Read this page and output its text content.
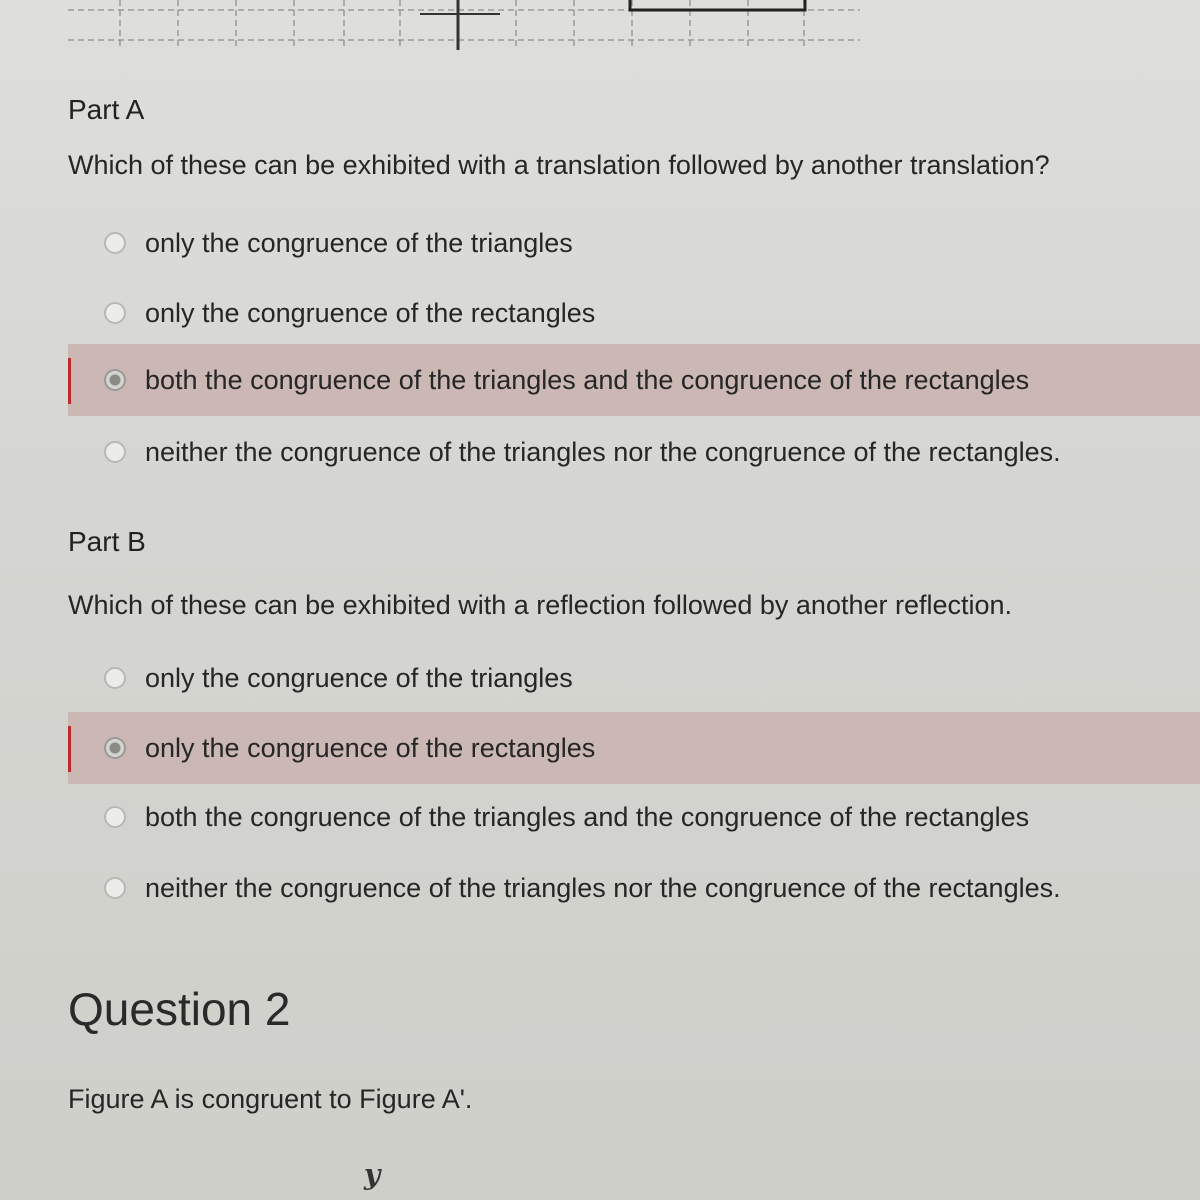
Part A
Which of these can be exhibited with a translation followed by another translation?
only the congruence of the triangles
only the congruence of the rectangles
both the congruence of the triangles and the congruence of the rectangles
neither the congruence of the triangles nor the congruence of the rectangles.
Part B
Which of these can be exhibited with a reflection followed by another reflection.
only the congruence of the triangles
only the congruence of the rectangles
both the congruence of the triangles and the congruence of the rectangles
neither the congruence of the triangles nor the congruence of the rectangles.
Question 2
Figure A is congruent to Figure A'.
y
